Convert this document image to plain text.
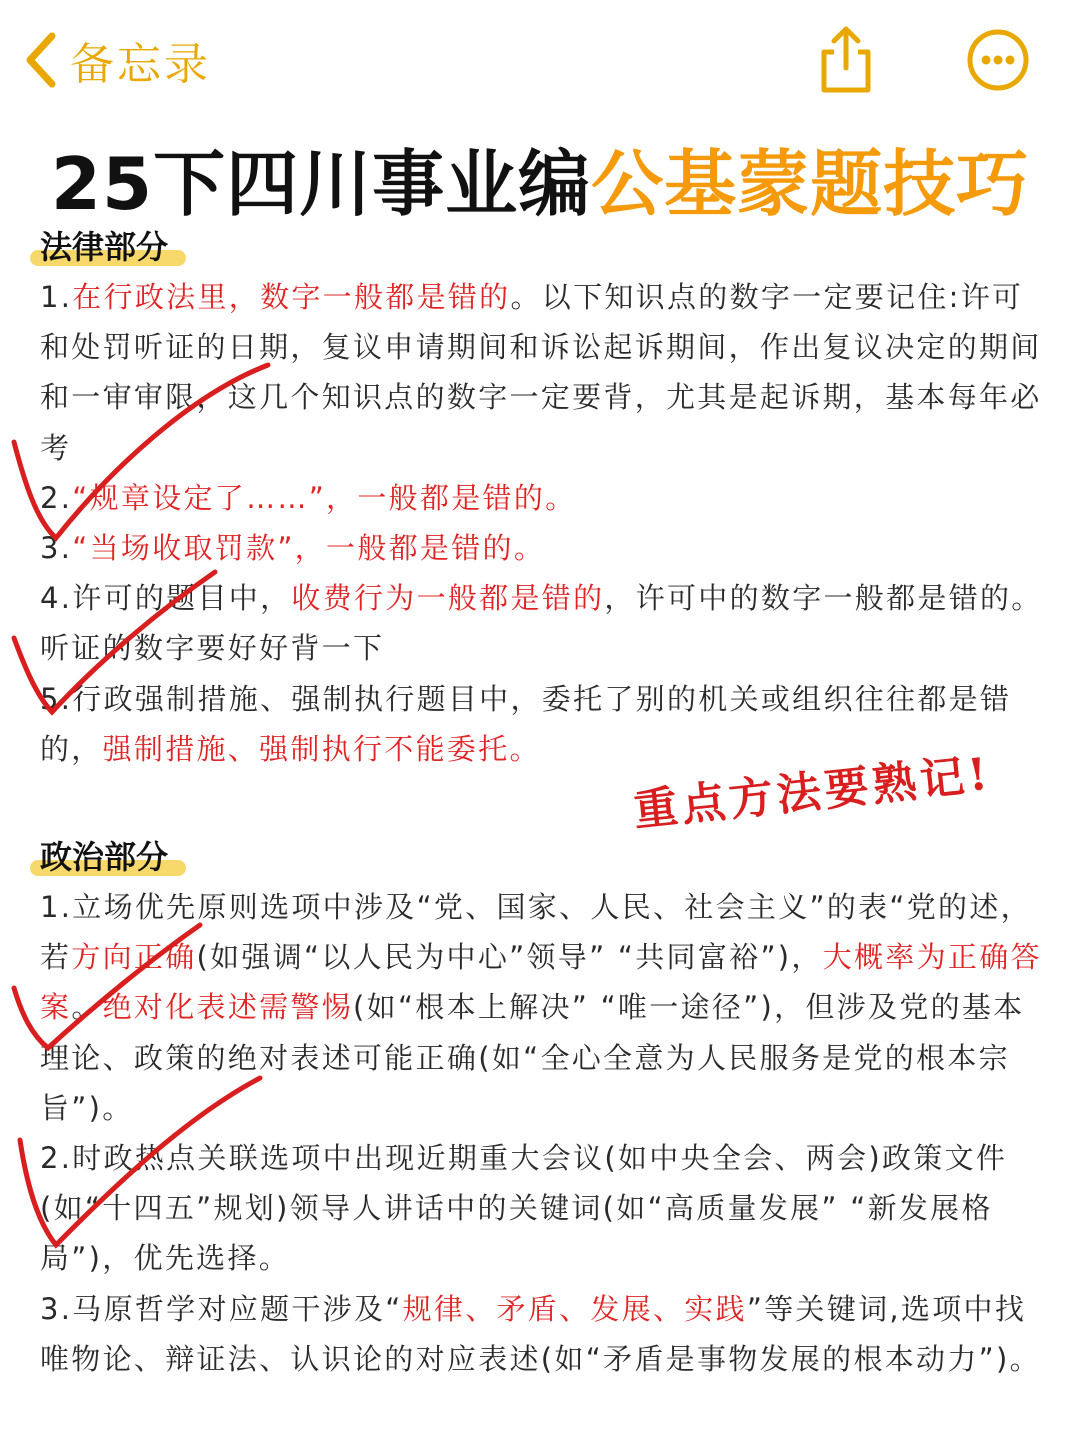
备忘录
25下四川事业编公基蒙题技巧
法律部分

1.在行政法里，数字一般都是错的。以下知识点的数字一定要记住:许可和处罚听证的日期，复议申请期间和诉讼起诉期间，作出复议决定的期间和一审审限，这几个知识点的数字一定要背，尤其是起诉期，基本每年必考

2.“规章设定了……”，一般都是错的。

3.“当场收取罚款”，一般都是错的。

4.许可的题目中，收费行为一般都是错的，许可中的数字一般都是错的。听证的数字要好好背一下

5.行政强制措施、强制执行题目中，委托了别的机关或组织往往都是错的，强制措施、强制执行不能委托。	重点方法要熟记!
政治部分

1.立场优先原则选项中涉及“党、国家、人民、社会主义”的表“党的述，若方向正确(如强调“以人民为中心”领导” “共同富裕”)，大概率为正确答案。绝对化表述需警惕(如“根本上解决” “唯一途径”)，但涉及党的基本理论、政策的绝对表述可能正确(如“全心全意为人民服务是党的根本宗旨”)。

2.时政热点关联选项中出现近期重大会议(如中央全会、两会)政策文件(如“十四五”规划)领导人讲话中的关键词(如“高质量发展” “新发展格局”)，优先选择。

3.马原哲学对应题干涉及“规律、矛盾、发展、实践”等关键词,选项中找唯物论、辩证法、认识论的对应表述(如“矛盾是事物发展的根本动力”)。
